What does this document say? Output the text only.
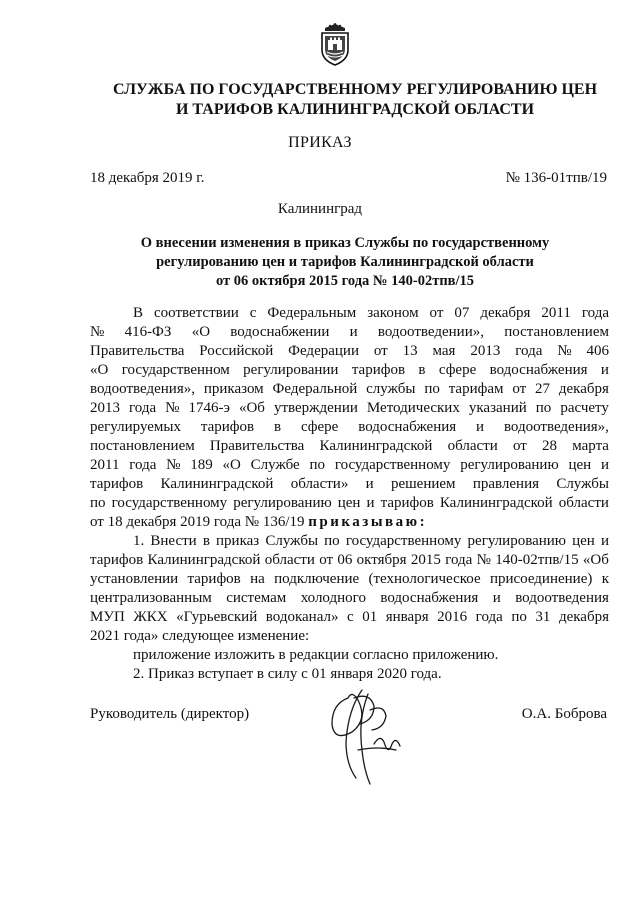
СЛУЖБА ПО ГОСУДАРСТВЕННОМУ РЕГУЛИРОВАНИЮ ЦЕН
И ТАРИФОВ КАЛИНИНГРАДСКОЙ ОБЛАСТИ
ПРИКАЗ
18 декабря 2019 г.	№ 136-01тпв/19
Калининград
О внесении изменения в приказ Службы по государственному
регулированию цен и тарифов Калининградской области
от 06 октября 2015 года № 140-02тпв/15
В соответствии с Федеральным законом от 07 декабря 2011 года
№ 416-ФЗ «О водоснабжении и водоотведении», постановлением
Правительства Российской Федерации от 13 мая 2013 года № 406
«О государственном регулировании тарифов в сфере водоснабжения и
водоотведения», приказом Федеральной службы по тарифам от 27 декабря
2013 года № 1746-э «Об утверждении Методических указаний по расчету
регулируемых тарифов в сфере водоснабжения и водоотведения»,
постановлением Правительства Калининградской области от 28 марта
2011 года № 189 «О Службе по государственному регулированию цен и
тарифов Калининградской области» и решением правления Службы
по государственному регулированию цен и тарифов Калининградской области
от 18 декабря 2019 года № 136/19
приказываю:
1. Внести в приказ Службы по государственному регулированию цен и
тарифов Калининградской области от 06 октября 2015 года № 140-02тпв/15 «Об
установлении тарифов на подключение (технологическое присоединение) к
централизованным системам холодного водоснабжения и водоотведения
МУП ЖКХ «Гурьевский водоканал» с 01 января 2016 года по 31 декабря
2021 года» следующее изменение:
приложение изложить в редакции согласно приложению.
2. Приказ вступает в силу с 01 января 2020 года.
Руководитель (директор)	О.А. Боброва
